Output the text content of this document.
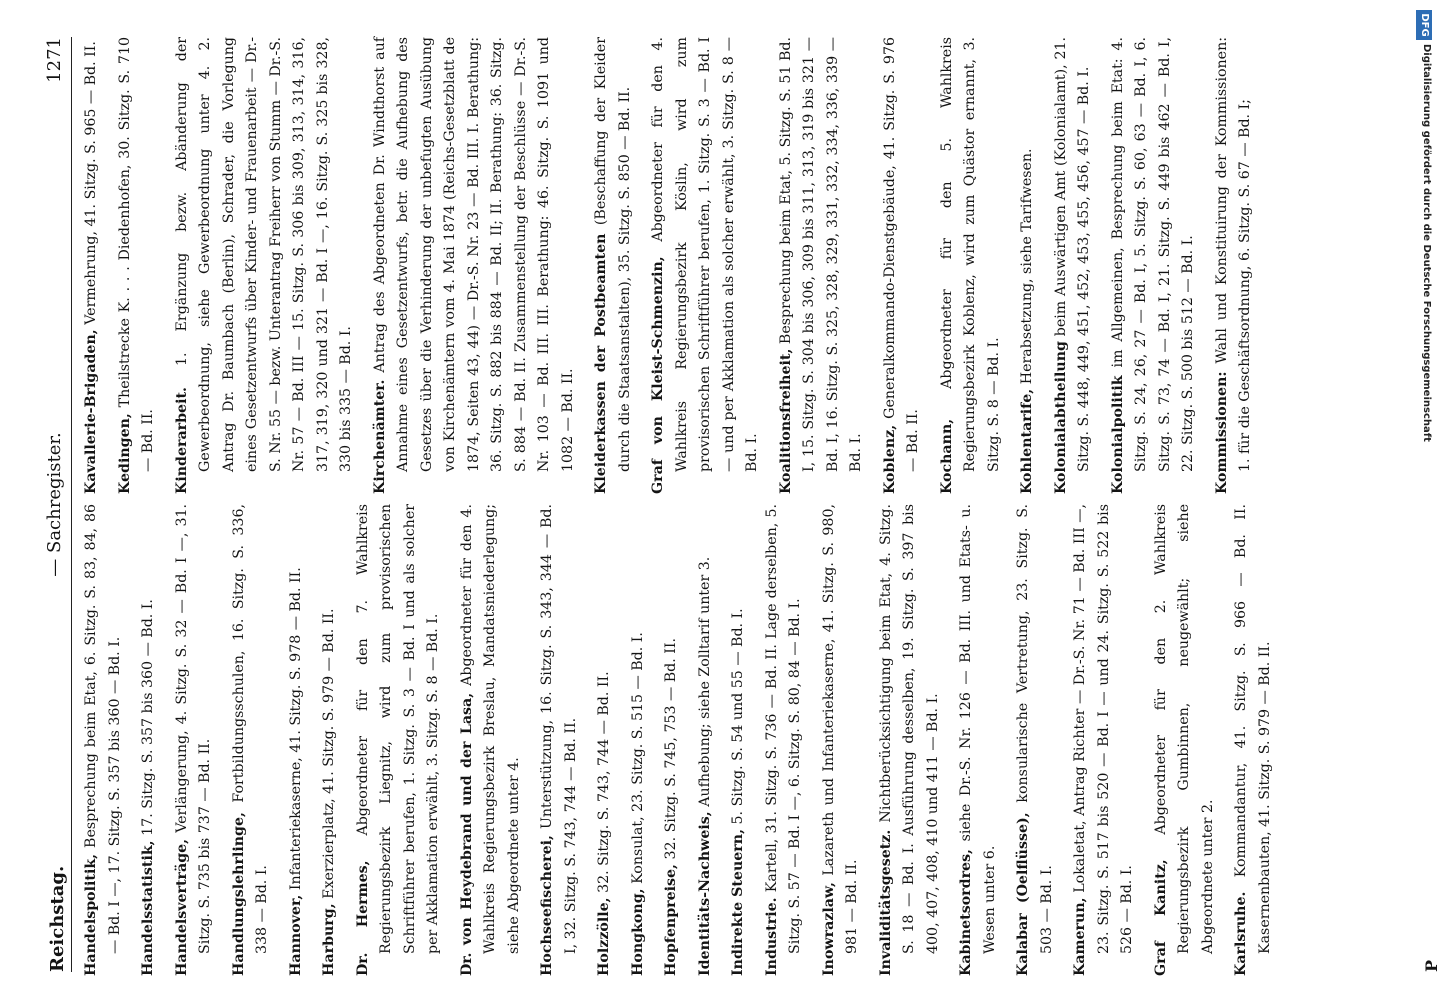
Reichstag.
— Sachregister.
1271
Handelspolitik, Besprechung beim Etat, 6. Sitzg. S. 83, 84, 86 — Bd. I —, 17. Sitzg. S. 357 bis 360 — Bd. I.	Handelsstatistik, 17. Sitzg. S. 357 bis 360 — Bd. I.
Handelsverträge, Verlängerung, 4. Sitzg. S. 32 — Bd. I —, 31. Sitzg. S. 735 bis 737 — Bd. II.	Handlungslehrlinge, Fortbildungsschulen, 16. Sitzg. S. 336, 338 — Bd. I.	Hannover, Infanteriekaserne, 41. Sitzg. S. 978 — Bd. II.
Harburg, Exerzierplatz, 41. Sitzg. S. 979 — Bd. II.
Dr. Hermes, Abgeordneter für den 7. Wahlkreis Regierungsbezirk Liegnitz, wird zum provisorischen Schriftführer berufen, 1. Sitzg. S. 3 — Bd. I und als solcher per Akklamation erwählt, 3. Sitzg. S. 8 — Bd. I.	Dr. von Heydebrand und der Lasa, Abgeordneter für den 4. Wahlkreis Regierungsbezirk Breslau, Mandatsniederlegung; siehe Abgeordnete unter 4.	Hochseefischerei, Unterstützung, 16. Sitzg. S. 343, 344 — Bd. I, 32. Sitzg. S. 743, 744 — Bd. II.	Holzzölle, 32. Sitzg. S. 743, 744 — Bd. II.
Hongkong, Konsulat, 23. Sitzg. S. 515 — Bd. I.
Hopfenpreise, 32. Sitzg. S. 745, 753 — Bd. II.
Identitäts-Nachweis, Aufhebung; siehe Zolltarif unter 3.
Indirekte Steuern, 5. Sitzg. S. 54 und 55 — Bd. I.
Industrie. Kartell, 31. Sitzg. S. 736 — Bd. II. Lage derselben, 5. Sitzg. S. 57 — Bd. I —, 6. Sitzg. S. 80, 84 — Bd. I.	Inowrazlaw, Lazareth und Infanteriekaserne, 41. Sitzg. S. 980, 981 — Bd. II.	Invaliditätsgesetz. Nichtberücksichtigung beim Etat, 4. Sitzg. S. 18 — Bd. I. Ausführung desselben, 19. Sitzg. S. 397 bis 400, 407, 408, 410 und 411 — Bd. I.	Kabinetsordres, siehe Dr.-S. Nr. 126 — Bd. III. und Etats- u. Wesen unter 6.	Kalabar (Oelflüsse), konsularische Vertretung, 23. Sitzg. S. 503 — Bd. I.	Kamerun, Lokaletat, Antrag Richter — Dr.-S. Nr. 71 — Bd. III —, 23. Sitzg. S. 517 bis 520 — Bd. I — und 24. Sitzg. S. 522 bis 526 — Bd. I.	Graf Kanitz, Abgeordneter für den 2. Wahlkreis Regierungsbezirk Gumbinnen, neugewählt; siehe Abgeordnete unter 2.	Karlsruhe. Kommandantur, 41. Sitzg. S. 966 — Bd. II. Kasernenbauten, 41. Sitzg. S. 979 — Bd. II.
Kavallerie-Brigaden, Vermehrung, 41. Sitzg. S. 965 — Bd. II.
Kedingen, Theilstrecke K. . . . Diedenhofen, 30. Sitzg. S. 710 — Bd. II.	Kinderarbeit. 1. Ergänzung bezw. Abänderung der Gewerbeordnung, siehe Gewerbeordnung unter 4. 2. Antrag Dr. Baumbach (Berlin), Schrader, die Vorlegung eines Gesetzentwurfs über Kinder- und Frauenarbeit — Dr.-S. Nr. 55 — bezw. Unterantrag Freiherr von Stumm — Dr.-S. Nr. 57 — Bd. III — 15. Sitzg. S. 306 bis 309, 313, 314, 316, 317, 319, 320 und 321 — Bd. I —, 16. Sitzg. S. 325 bis 328, 330 bis 335 — Bd. I.	Kirchenämter. Antrag des Abgeordneten Dr. Windthorst auf Annahme eines Gesetzentwurfs, betr. die Aufhebung des Gesetzes über die Verhinderung der unbefugten Ausübung von Kirchenämtern vom 4. Mai 1874 (Reichs-Gesetzblatt de 1874, Seiten 43, 44) — Dr.-S. Nr. 23 — Bd. III. I. Berathung: 36. Sitzg. S. 882 bis 884 — Bd. II; II. Berathung: 36. Sitzg. S. 884 — Bd. II. Zusammenstellung der Beschlüsse — Dr.-S. Nr. 103 — Bd. III. III. Berathung: 46. Sitzg. S. 1091 und 1082 — Bd. II.	Kleiderkassen der Postbeamten (Beschaffung der Kleider durch die Staatsanstalten), 35. Sitzg. S. 850 — Bd. II.	Graf von Kleist-Schmenzin, Abgeordneter für den 4. Wahlkreis Regierungsbezirk Köslin, wird zum provisorischen Schriftführer berufen, 1. Sitzg. S. 3 — Bd. I — und per Akklamation als solcher erwählt, 3. Sitzg. S. 8 — Bd. I.	Koalitionsfreiheit, Besprechung beim Etat, 5. Sitzg. S. 51 Bd. I, 15. Sitzg. S. 304 bis 306, 309 bis 311, 313, 319 bis 321 — Bd. I, 16. Sitzg. S. 325, 328, 329, 331, 332, 334, 336, 339 — Bd. I.	Koblenz, Generalkommando-Dienstgebäude, 41. Sitzg. S. 976 — Bd. II.	Kochann, Abgeordneter für den 5. Wahlkreis Regierungsbezirk Koblenz, wird zum Quästor ernannt, 3. Sitzg. S. 8 — Bd. I.	Kohlentarife, Herabsetzung, siehe Tarifwesen.
Kolonialabtheilung beim Auswärtigen Amt (Kolonialamt), 21. Sitzg. S. 448, 449, 451, 452, 453, 455, 456, 457 — Bd. I.	Kolonialpolitik im Allgemeinen, Besprechung beim Etat: 4. Sitzg. S. 24, 26, 27 — Bd. I, 5. Sitzg. S. 60, 63 — Bd. I, 6. Sitzg. S. 73, 74 — Bd. I, 21. Sitzg. S. 449 bis 462 — Bd. I, 22. Sitzg. S. 500 bis 512 — Bd. I.	Kommissionen: Wahl und Konstituirung der Kommissionen: 1. für die Geschäftsordnung, 6. Sitzg. S. 67 — Bd. I;
P
DFG
Digitalisierung gefördert durch die Deutsche Forschungsgemeinschaft
